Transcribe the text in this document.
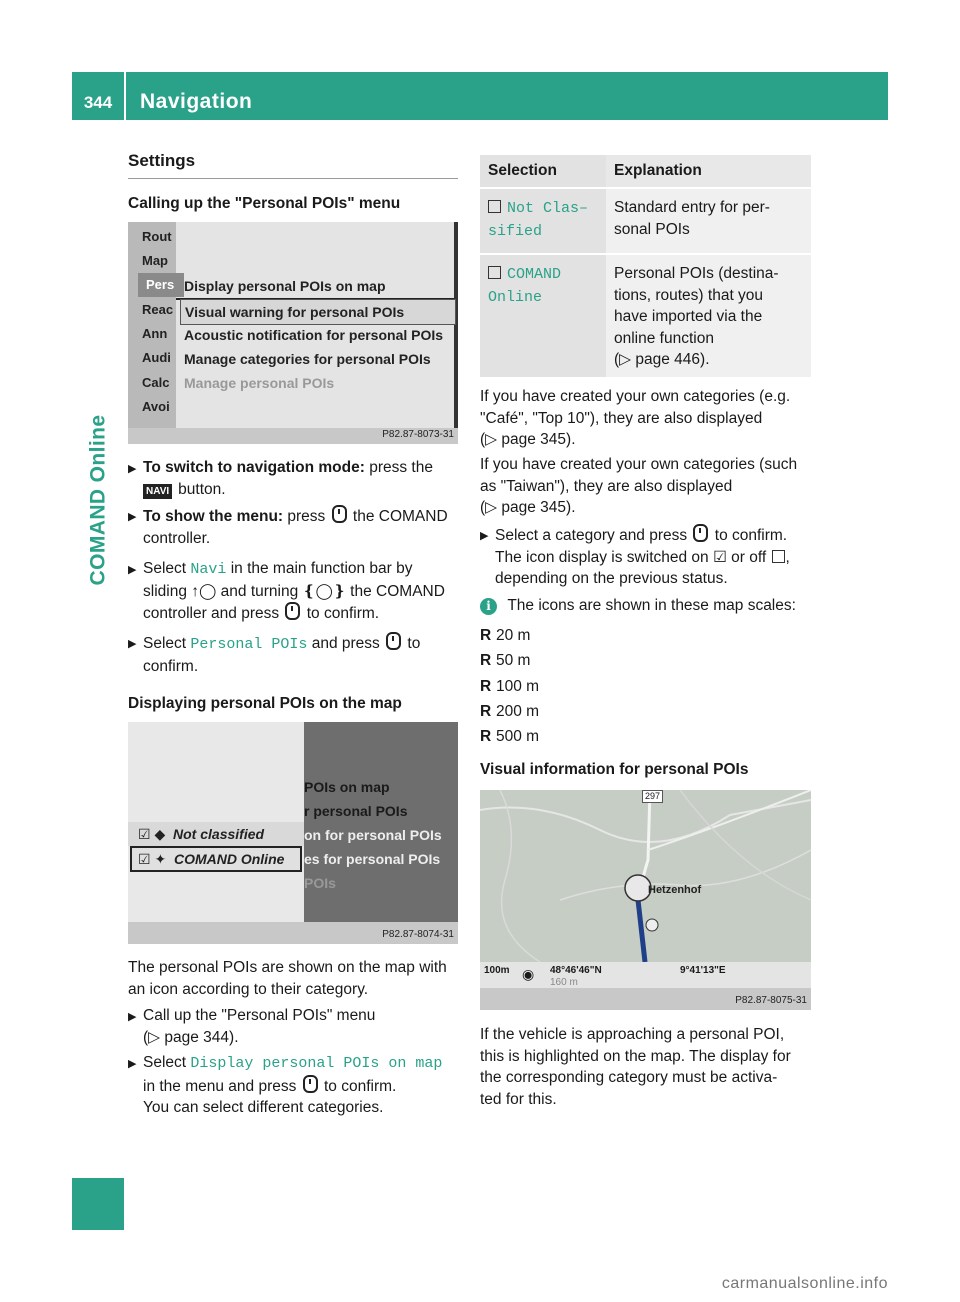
344	Navigation
COMAND Online
Settings
Calling up the "Personal POIs" menu
Rout
Map
Pers
Reac
Ann
Audi
Calc
Avoi
Display personal POIs on map
Visual warning for personal POIs
Acoustic notification for personal POIs
Manage categories for personal POIs
Manage personal POIs
P82.87-8073-31
▶ To switch to navigation mode: press the
NAVI button.
▶ To show the menu: press  the COMAND
controller.
▶ Select Navi in the main function bar by
sliding ↑◯ and turning ❴◯❵ the COMAND
controller and press  to confirm.
▶ Select Personal POIs and press  to
confirm.
Displaying personal POIs on the map
☑ ◆ Not classified
☑ ✦ COMAND Online
POIs on map
r personal POIs
on for personal POIs
es for personal POIs
POIs
P82.87-8074-31
The personal POIs are shown on the map with
an icon according to their category.
▶ Call up the "Personal POIs" menu
(▷ page 344).
▶ Select Display personal POIs on map
in the menu and press  to confirm.
You can select different categories.
Selection	Explanation
Not Clas–
sified	Standard entry for per-
sonal POIs
COMAND
Online	Personal POIs (destina-
tions, routes) that you
have imported via the
online function
(▷ page 446).
If you have created your own categories (e.g.
"Café", "Top 10"), they are also displayed
(▷ page 345).
If you have created your own categories (such
as "Taiwan"), they are also displayed
(▷ page 345).
▶ Select a category and press  to confirm.
The icon display is switched on ☑ or off ,
depending on the previous status.
i The icons are shown in these map scales:
R 20 m
R 50 m
R 100 m
R 200 m
R 500 m
Visual information for personal POIs
297
Hetzenhof
100m ◉ 48°46'46"N
160 m
9°41'13"E
P82.87-8075-31
If the vehicle is approaching a personal POI,
this is highlighted on the map. The display for
the corresponding category must be activa-
ted for this.
carmanualsonline.info
